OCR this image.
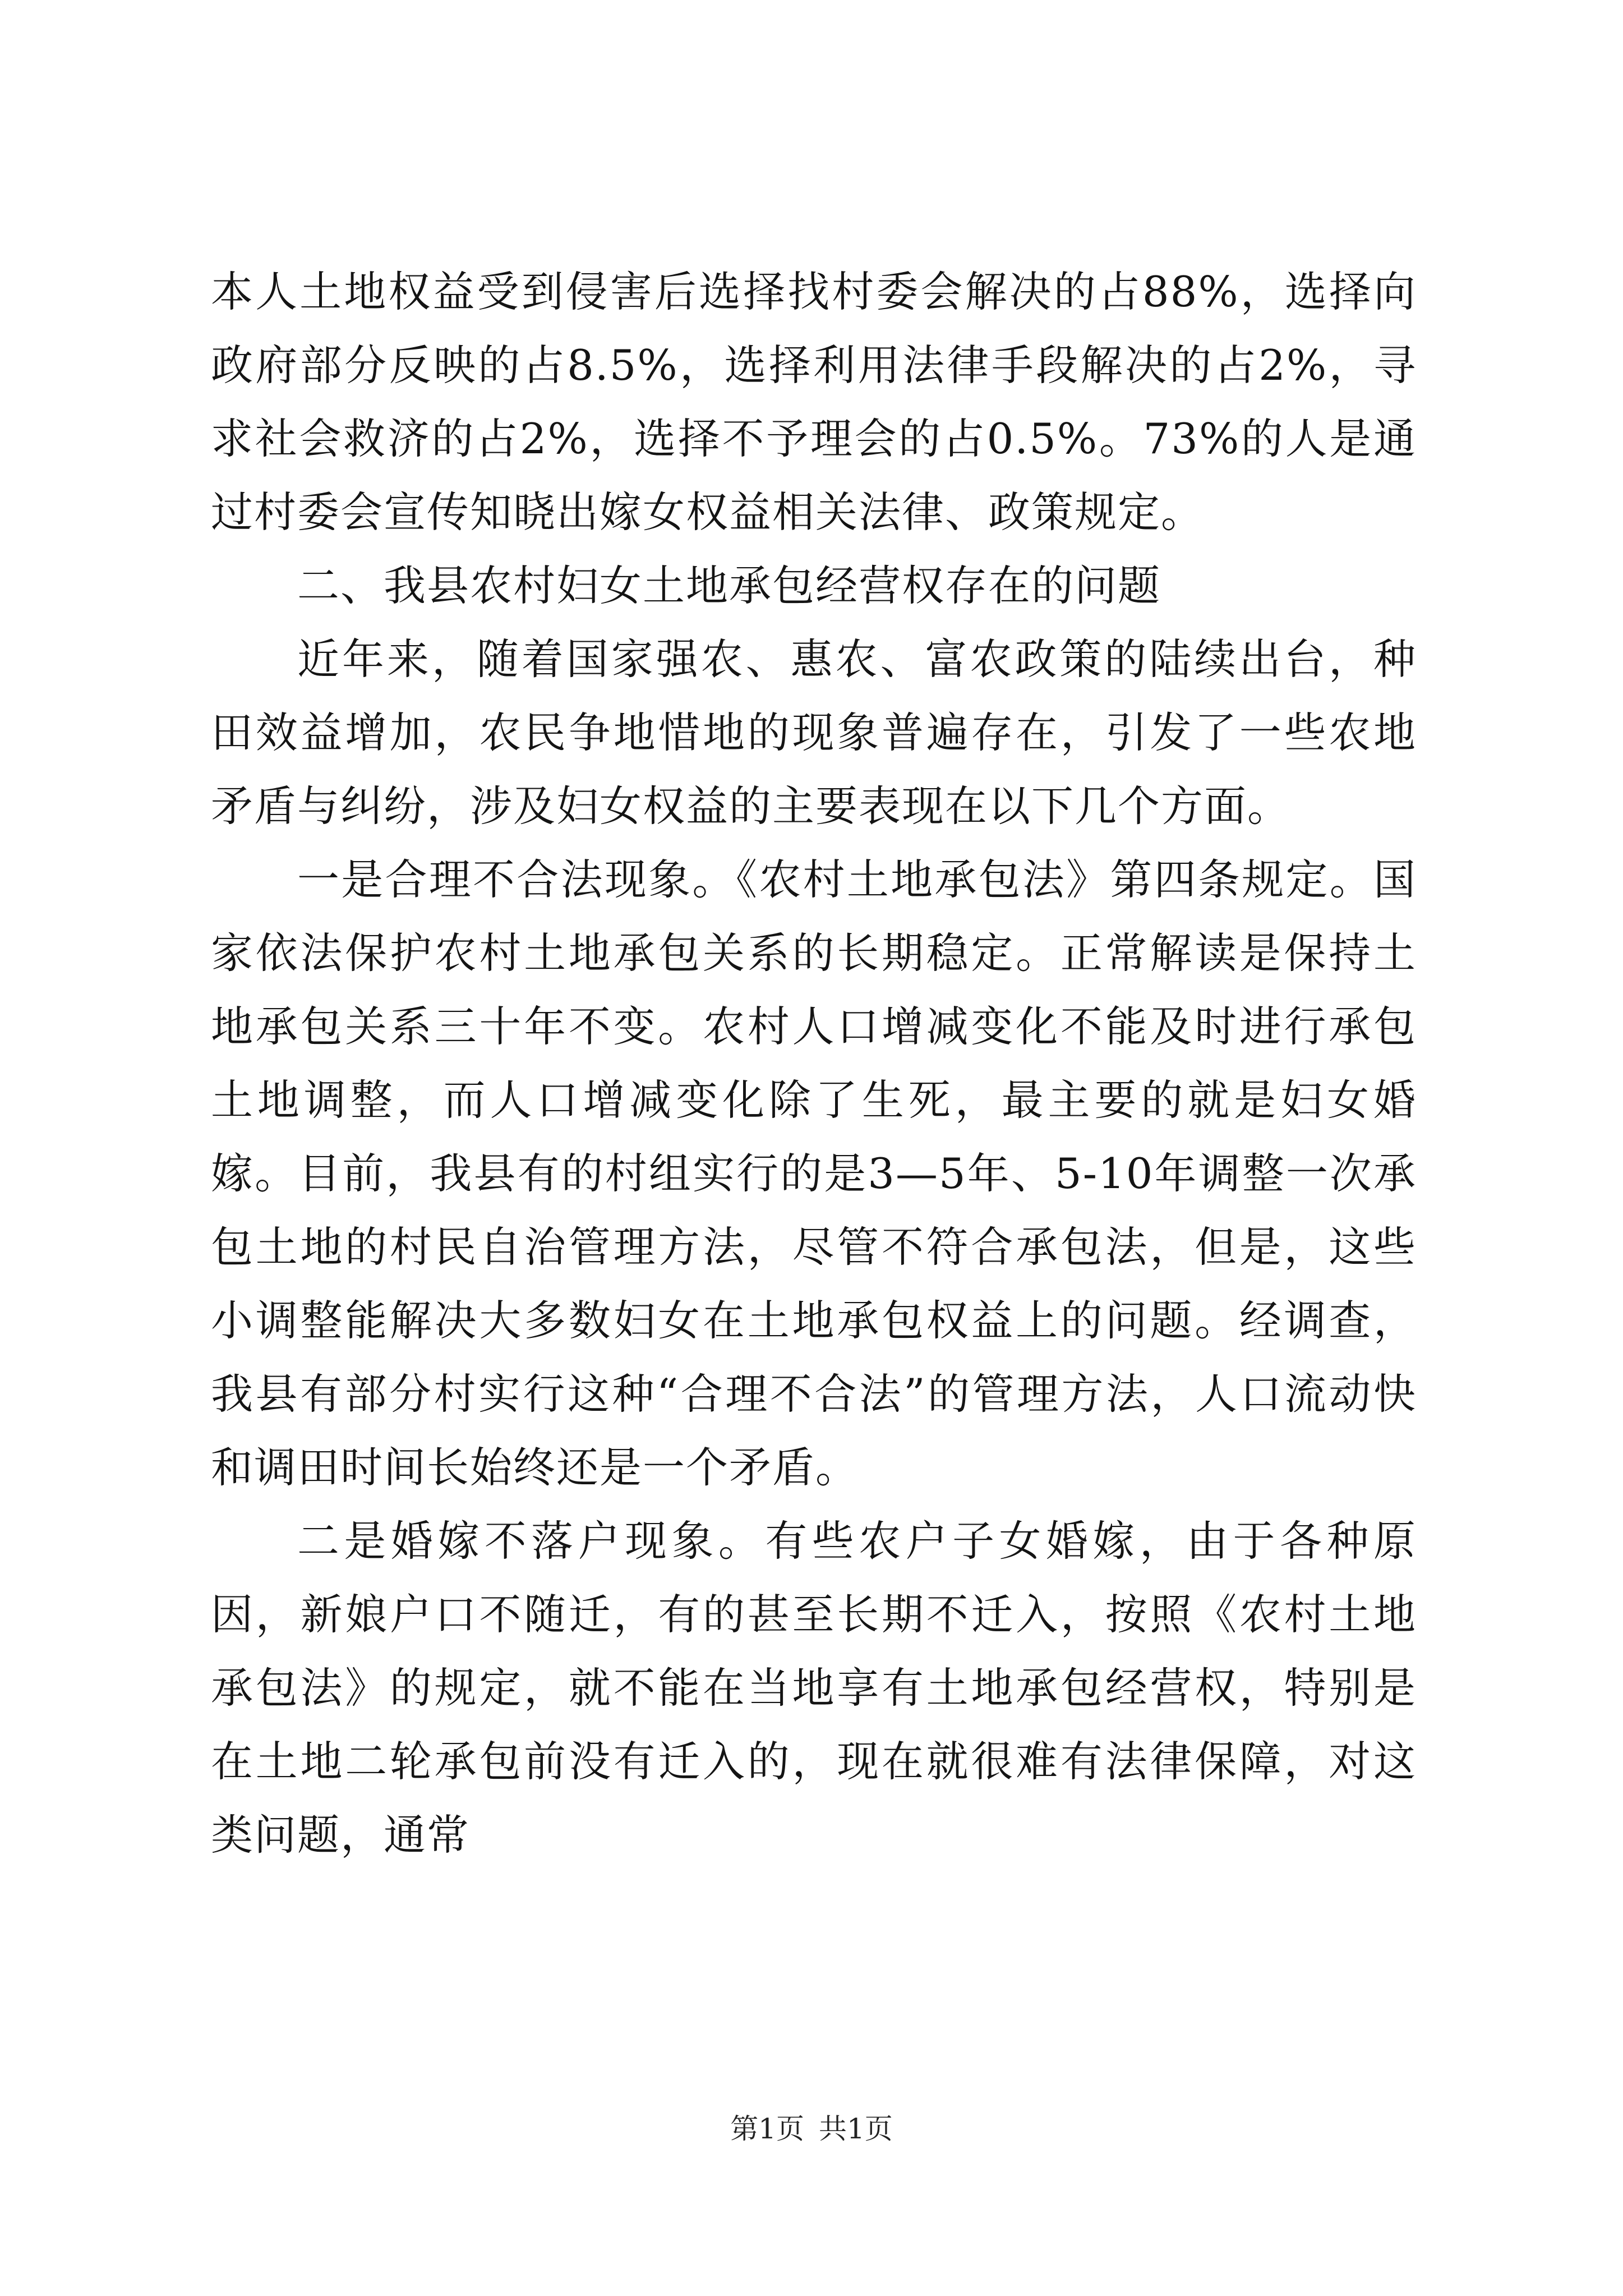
本人土地权益受到侵害后选择找村委会解决的占88%，选择向政府部分反映的占8.5%，选择利用法律手段解决的占2%，寻求社会救济的占2%，选择不予理会的占0.5%。73%的人是通过村委会宣传知晓出嫁女权益相关法律、政策规定。

二、我县农村妇女土地承包经营权存在的问题

近年来，随着国家强农、惠农、富农政策的陆续出台，种田效益增加，农民争地惜地的现象普遍存在，引发了一些农地矛盾与纠纷，涉及妇女权益的主要表现在以下几个方面。

一是合理不合法现象。《农村土地承包法》第四条规定。国家依法保护农村土地承包关系的长期稳定。正常解读是保持土地承包关系三十年不变。农村人口增减变化不能及时进行承包土地调整，而人口增减变化除了生死，最主要的就是妇女婚嫁。目前，我县有的村组实行的是3—5年、5-10年调整一次承包土地的村民自治管理方法，尽管不符合承包法，但是，这些小调整能解决大多数妇女在土地承包权益上的问题。经调查，我县有部分村实行这种“合理不合法”的管理方法，人口流动快和调田时间长始终还是一个矛盾。

二是婚嫁不落户现象。有些农户子女婚嫁，由于各种原因，新娘户口不随迁，有的甚至长期不迁入，按照《农村土地承包法》的规定，就不能在当地享有土地承包经营权，特别是在土地二轮承包前没有迁入的，现在就很难有法律保障，对这类问题，通常

第1页 共1页
